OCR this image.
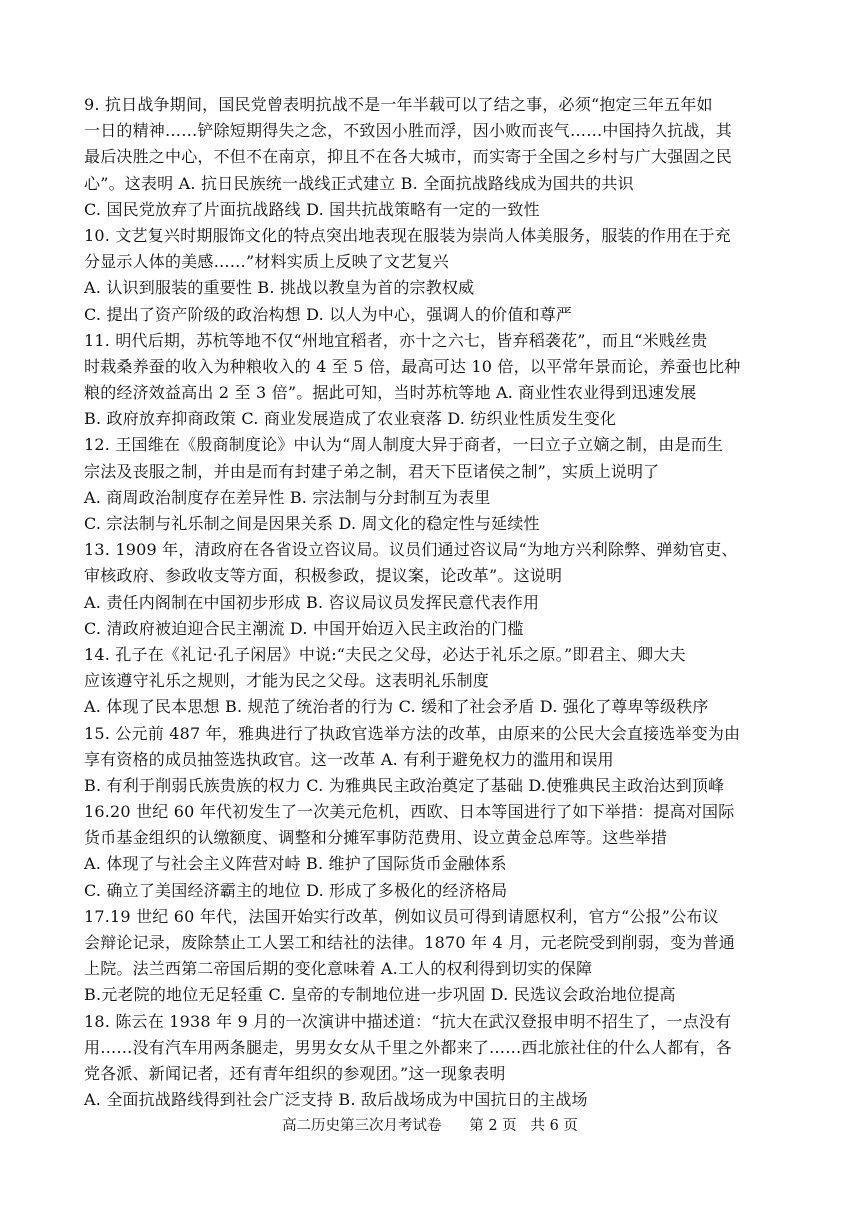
9. 抗日战争期间，国民党曾表明抗战不是一年半载可以了结之事，必须“抱定三年五年如
一日的精神……铲除短期得失之念，不致因小胜而浮，因小败而丧气……中国持久抗战，其
最后决胜之中心，不但不在南京，抑且不在各大城市，而实寄于全国之乡村与广大强固之民
心”。这表明 A. 抗日民族统一战线正式建立 B. 全面抗战路线成为国共的共识
C. 国民党放弃了片面抗战路线 D. 国共抗战策略有一定的一致性
10. 文艺复兴时期服饰文化的特点突出地表现在服装为崇尚人体美服务，服装的作用在于充
分显示人体的美感……”材料实质上反映了文艺复兴
A. 认识到服装的重要性 B. 挑战以教皇为首的宗教权威
C. 提出了资产阶级的政治构想 D. 以人为中心，强调人的价值和尊严
11. 明代后期，苏杭等地不仅“州地宜稻者，亦十之六七，皆弃稻袭花”，而且“米贱丝贵
时栽桑养蚕的收入为种粮收入的 4 至 5 倍，最高可达 10 倍，以平常年景而论，养蚕也比种
粮的经济效益高出 2 至 3 倍”。据此可知，当时苏杭等地 A. 商业性农业得到迅速发展
B. 政府放弃抑商政策 C. 商业发展造成了农业衰落 D. 纺织业性质发生变化
12. 王国维在《殷商制度论》中认为“周人制度大异于商者，一曰立子立嫡之制，由是而生
宗法及丧服之制，并由是而有封建子弟之制，君天下臣诸侯之制”，实质上说明了
A. 商周政治制度存在差异性 B. 宗法制与分封制互为表里
C. 宗法制与礼乐制之间是因果关系 D. 周文化的稳定性与延续性
13. 1909 年，清政府在各省设立咨议局。议员们通过咨议局“为地方兴利除弊、弹劾官吏、
审核政府、参政收支等方面，积极参政，提议案，论改革”。这说明
A. 责任内阁制在中国初步形成 B. 咨议局议员发挥民意代表作用
C. 清政府被迫迎合民主潮流 D. 中国开始迈入民主政治的门槛
14. 孔子在《礼记·孔子闲居》中说:“夫民之父母，必达于礼乐之原。”即君主、卿大夫
应该遵守礼乐之规则，才能为民之父母。这表明礼乐制度
A. 体现了民本思想 B. 规范了统治者的行为 C. 缓和了社会矛盾 D. 强化了尊卑等级秩序
15. 公元前 487 年，雅典进行了执政官选举方法的改革，由原来的公民大会直接选举变为由
享有资格的成员抽签选执政官。这一改革 A. 有利于避免权力的滥用和误用
B. 有利于削弱氏族贵族的权力 C. 为雅典民主政治奠定了基础 D.使雅典民主政治达到顶峰
16.20 世纪 60 年代初发生了一次美元危机，西欧、日本等国进行了如下举措：提高对国际
货币基金组织的认缴额度、调整和分摊军事防范费用、设立黄金总库等。这些举措
A. 体现了与社会主义阵营对峙 B. 维护了国际货币金融体系
C. 确立了美国经济霸主的地位 D. 形成了多极化的经济格局
17.19 世纪 60 年代，法国开始实行改革，例如议员可得到请愿权利，官方“公报”公布议
会辩论记录，废除禁止工人罢工和结社的法律。1870 年 4 月，元老院受到削弱，变为普通
上院。法兰西第二帝国后期的变化意味着 A.工人的权利得到切实的保障
B.元老院的地位无足轻重 C. 皇帝的专制地位进一步巩固 D. 民选议会政治地位提高
18. 陈云在 1938 年 9 月的一次演讲中描述道：“抗大在武汉登报申明不招生了，一点没有
用……没有汽车用两条腿走，男男女女从千里之外都来了……西北旅社住的什么人都有，各
党各派、新闻记者，还有青年组织的参观团。”这一现象表明
A. 全面抗战路线得到社会广泛支持 B. 敌后战场成为中国抗日的主战场
高二历史第三次月考试卷      第 2 页   共 6 页
